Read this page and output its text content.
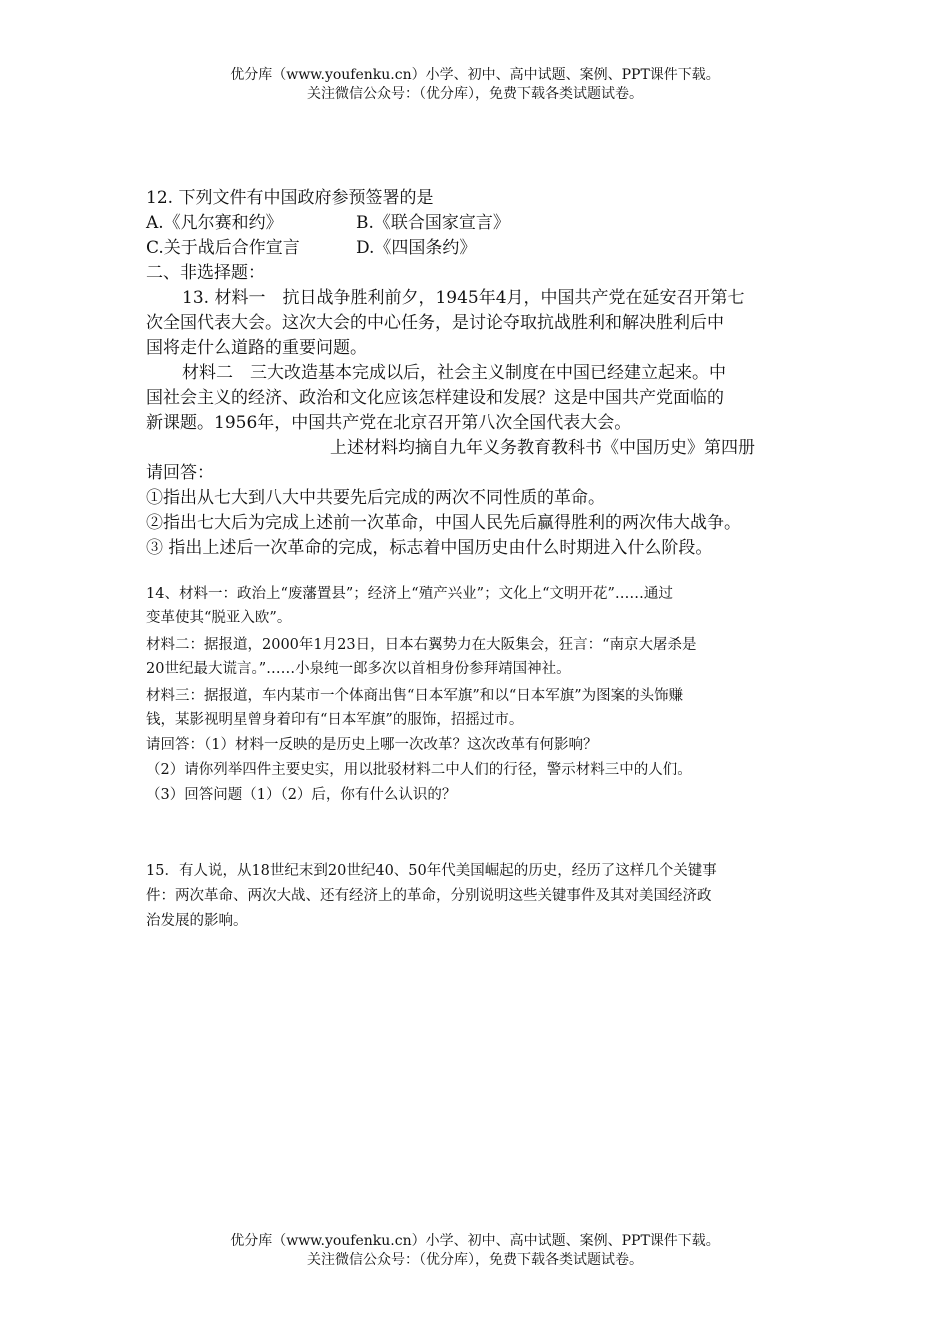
优分库（www.youfenku.cn）小学、初中、高中试题、案例、PPT课件下载。
关注微信公众号：（优分库），免费下载各类试题试卷。
12. 下列文件有中国政府参预签署的是
A.《凡尔赛和约》	B.《联合国家宣言》
C.关于战后合作宣言	D.《四国条约》
二、非选择题：
13. 材料一　抗日战争胜利前夕，1945年4月，中国共产党在延安召开第七
次全国代表大会。这次大会的中心任务，是讨论夺取抗战胜利和解决胜利后中
国将走什么道路的重要问题。
材料二　三大改造基本完成以后，社会主义制度在中国已经建立起来。中
国社会主义的经济、政治和文化应该怎样建设和发展？这是中国共产党面临的
新课题。1956年，中国共产党在北京召开第八次全国代表大会。
上述材料均摘自九年义务教育教科书《中国历史》第四册
请回答：
①指出从七大到八大中共要先后完成的两次不同性质的革命。
②指出七大后为完成上述前一次革命，中国人民先后赢得胜利的两次伟大战争。
③ 指出上述后一次革命的完成，标志着中国历史由什么时期进入什么阶段。
14、材料一：政治上“废藩置县”；经济上“殖产兴业”；文化上“文明开花”……通过
变革使其“脱亚入欧”。
材料二：据报道，2000年1月23日，日本右翼势力在大阪集会，狂言：“南京大屠杀是
20世纪最大谎言。”……小泉纯一郎多次以首相身份参拜靖国神社。
材料三：据报道，车内某市一个体商出售“日本军旗”和以“日本军旗”为图案的头饰赚
钱，某影视明星曾身着印有“日本军旗”的服饰，招摇过市。
请回答：（1）材料一反映的是历史上哪一次改革？这次改革有何影响？
（2）请你列举四件主要史实，用以批驳材料二中人们的行径，警示材料三中的人们。
（3）回答问题（1）（2）后，你有什么认识的？
15．有人说，从18世纪末到20世纪40、50年代美国崛起的历史，经历了这样几个关键事
件：两次革命、两次大战、还有经济上的革命，分别说明这些关键事件及其对美国经济政
治发展的影响。
优分库（www.youfenku.cn）小学、初中、高中试题、案例、PPT课件下载。
关注微信公众号：（优分库），免费下载各类试题试卷。
